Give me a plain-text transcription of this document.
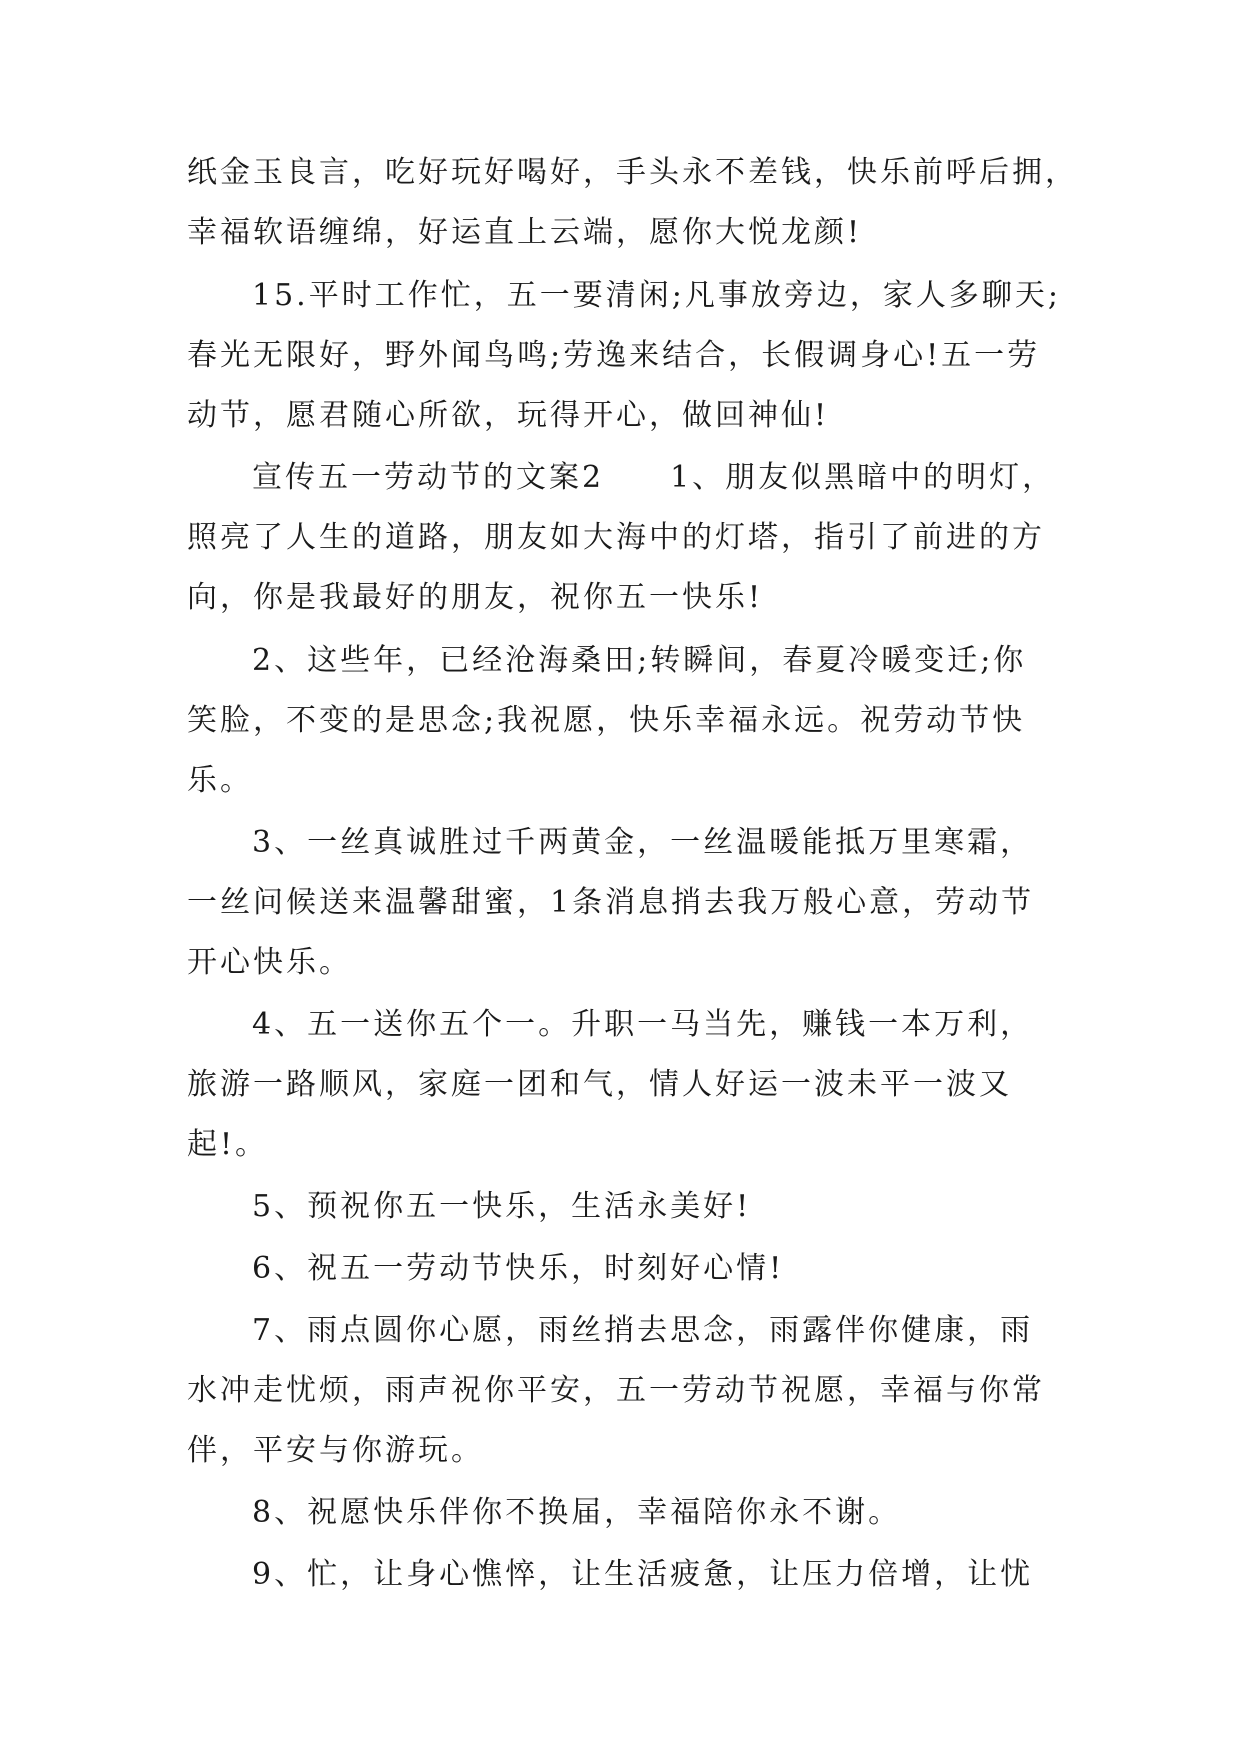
纸金玉良言，吃好玩好喝好，手头永不差钱，快乐前呼后拥，
幸福软语缠绵，好运直上云端，愿你大悦龙颜!
15.平时工作忙，五一要清闲;凡事放旁边，家人多聊天;
春光无限好，野外闻鸟鸣;劳逸来结合，长假调身心!五一劳
动节，愿君随心所欲，玩得开心，做回神仙!
宣传五一劳动节的文案2　　1、朋友似黑暗中的明灯，
照亮了人生的道路，朋友如大海中的灯塔，指引了前进的方
向，你是我最好的朋友，祝你五一快乐!
2、这些年，已经沧海桑田;转瞬间，春夏冷暖变迁;你
笑脸，不变的是思念;我祝愿，快乐幸福永远。祝劳动节快
乐。
3、一丝真诚胜过千两黄金，一丝温暖能抵万里寒霜，
一丝问候送来温馨甜蜜，1条消息捎去我万般心意，劳动节
开心快乐。
4、五一送你五个一。升职一马当先，赚钱一本万利，
旅游一路顺风，家庭一团和气，情人好运一波未平一波又
起!。
5、预祝你五一快乐，生活永美好!
6、祝五一劳动节快乐，时刻好心情!
7、雨点圆你心愿，雨丝捎去思念，雨露伴你健康，雨
水冲走忧烦，雨声祝你平安，五一劳动节祝愿，幸福与你常
伴，平安与你游玩。
8、祝愿快乐伴你不换届，幸福陪你永不谢。
9、忙，让身心憔悴，让生活疲惫，让压力倍增，让忧
